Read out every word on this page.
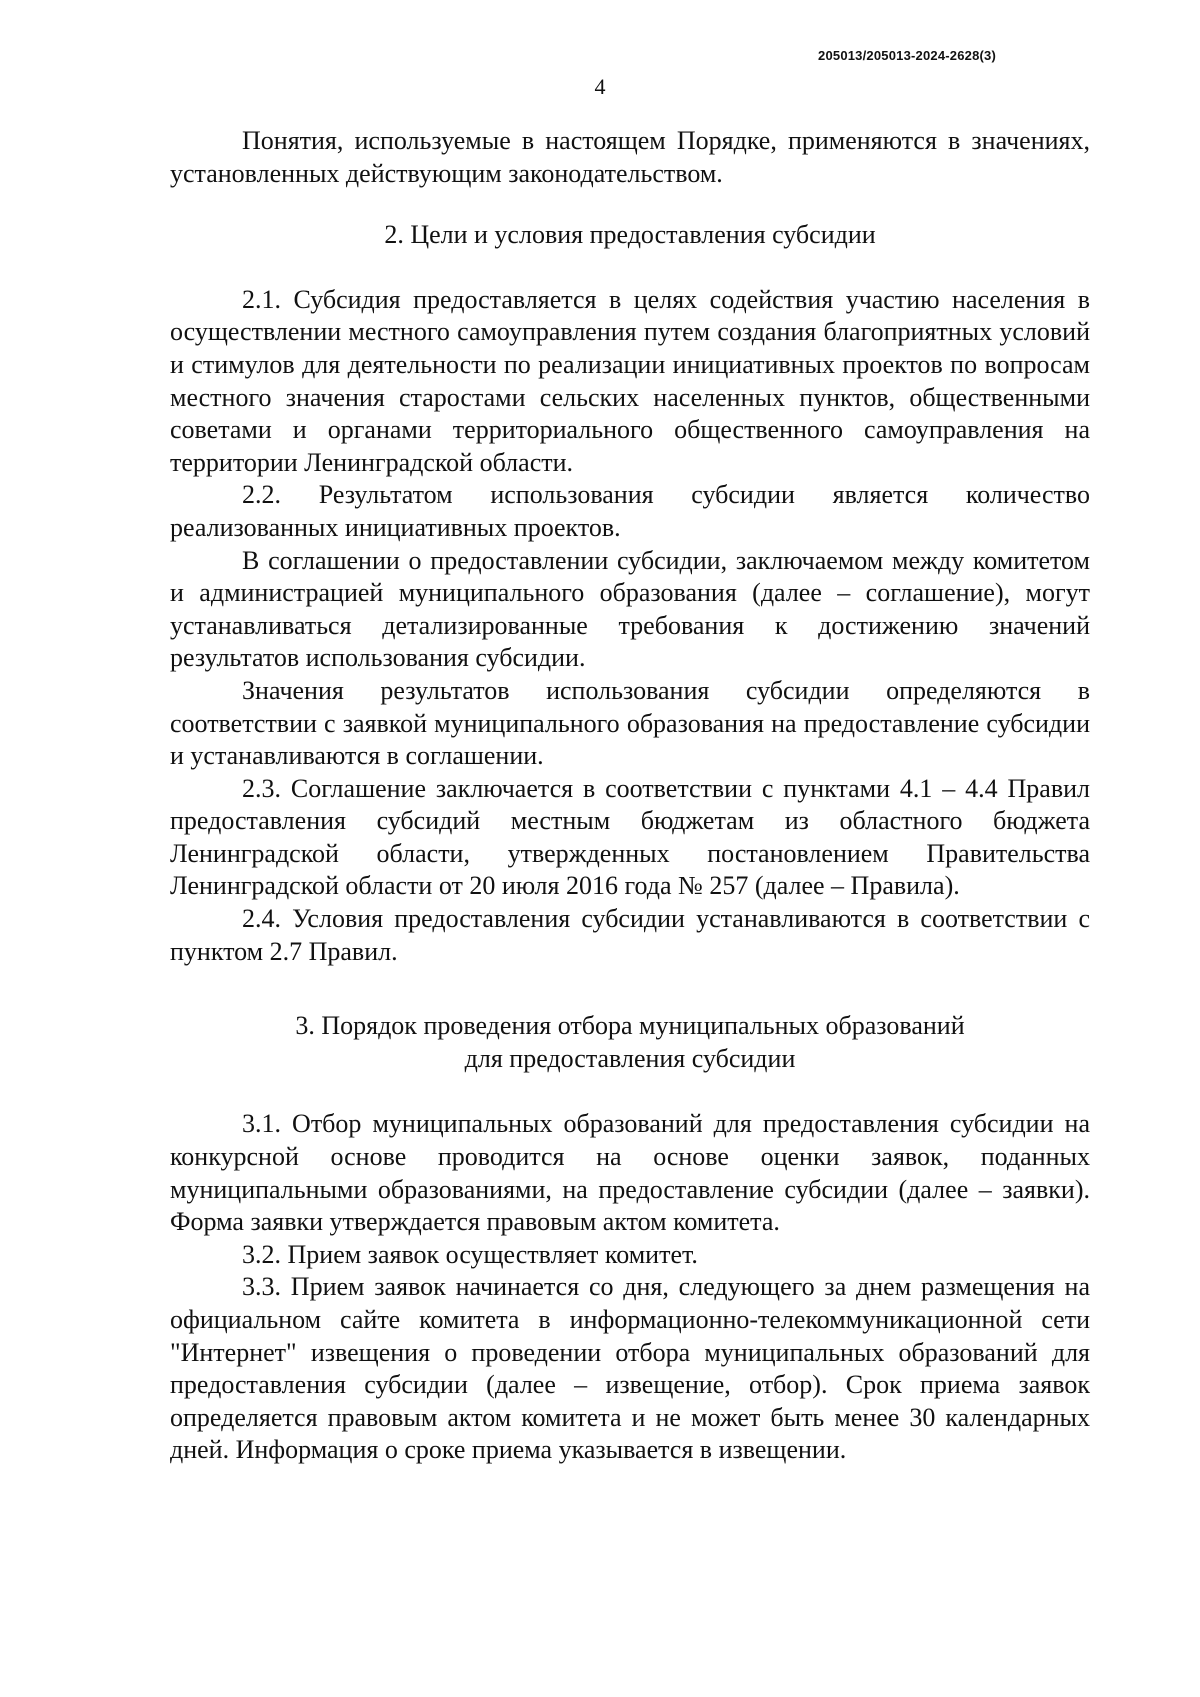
205013/205013-2024-2628(3)
4

Понятия, используемые в настоящем Порядке, применяются в значениях, установленных действующим законодательством.

2. Цели и условия предоставления субсидии

2.1. Субсидия предоставляется в целях содействия участию населения в осуществлении местного самоуправления путем создания благоприятных условий и стимулов для деятельности по реализации инициативных проектов по вопросам местного значения старостами сельских населенных пунктов, общественными советами и органами территориального общественного самоуправления на территории Ленинградской области.

2.2. Результатом использования субсидии является количество реализованных инициативных проектов.

В соглашении о предоставлении субсидии, заключаемом между комитетом и администрацией муниципального образования (далее – соглашение), могут устанавливаться детализированные требования к достижению значений результатов использования субсидии.

Значения результатов использования субсидии определяются в соответствии с заявкой муниципального образования на предоставление субсидии и устанавливаются в соглашении.

2.3. Соглашение заключается в соответствии с пунктами 4.1 – 4.4 Правил предоставления субсидий местным бюджетам из областного бюджета Ленинградской области, утвержденных постановлением Правительства Ленинградской области от 20 июля 2016 года № 257 (далее – Правила).

2.4. Условия предоставления субсидии устанавливаются в соответствии с пунктом 2.7 Правил.

3. Порядок проведения отбора муниципальных образований
для предоставления субсидии

3.1. Отбор муниципальных образований для предоставления субсидии на конкурсной основе проводится на основе оценки заявок, поданных муниципальными образованиями, на предоставление субсидии (далее – заявки). Форма заявки утверждается правовым актом комитета.

3.2. Прием заявок осуществляет комитет.

3.3. Прием заявок начинается со дня, следующего за днем размещения на официальном сайте комитета в информационно-телекоммуникационной сети "Интернет" извещения о проведении отбора муниципальных образований для предоставления субсидии (далее – извещение, отбор). Срок приема заявок определяется правовым актом комитета и не может быть менее 30 календарных дней. Информация о сроке приема указывается в извещении.
